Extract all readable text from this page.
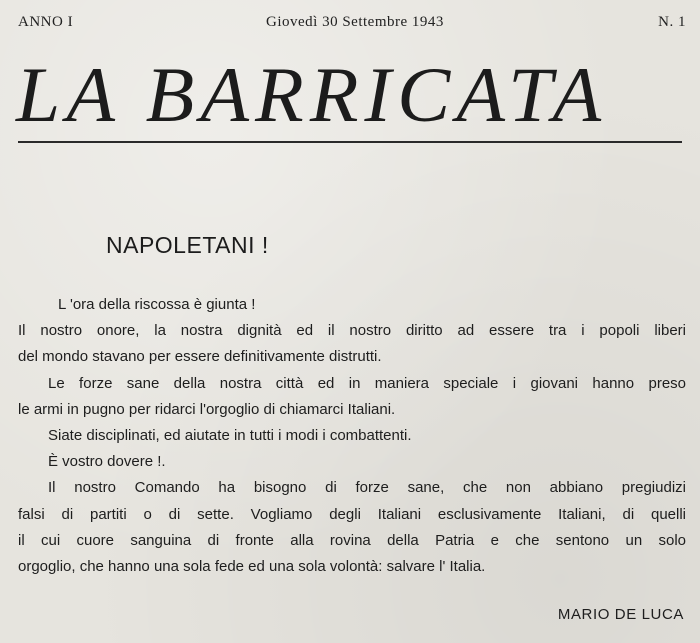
ANNO I	Giovedì 30 Settembre 1943	N. 1
LA BARRICATA
NAPOLETANI !
L 'ora della riscossa è giunta !
Il nostro onore, la nostra dignità ed il nostro diritto ad essere tra i popoli liberi
del mondo stavano per essere definitivamente distrutti.
Le forze sane della nostra città ed in maniera speciale i giovani hanno preso
le armi in pugno per ridarci l'orgoglio di chiamarci Italiani.
Siate disciplinati, ed aiutate in tutti i modi i combattenti.
È vostro dovere !.
Il nostro Comando ha bisogno di forze sane, che non abbiano pregiudizi
falsi di partiti o di sette. Vogliamo degli Italiani esclusivamente Italiani, di quelli
il cui cuore sanguina di fronte alla rovina della Patria e che sentono un solo
orgoglio, che hanno una sola fede ed una sola volontà: salvare l' Italia.
MARIO DE LUCA
